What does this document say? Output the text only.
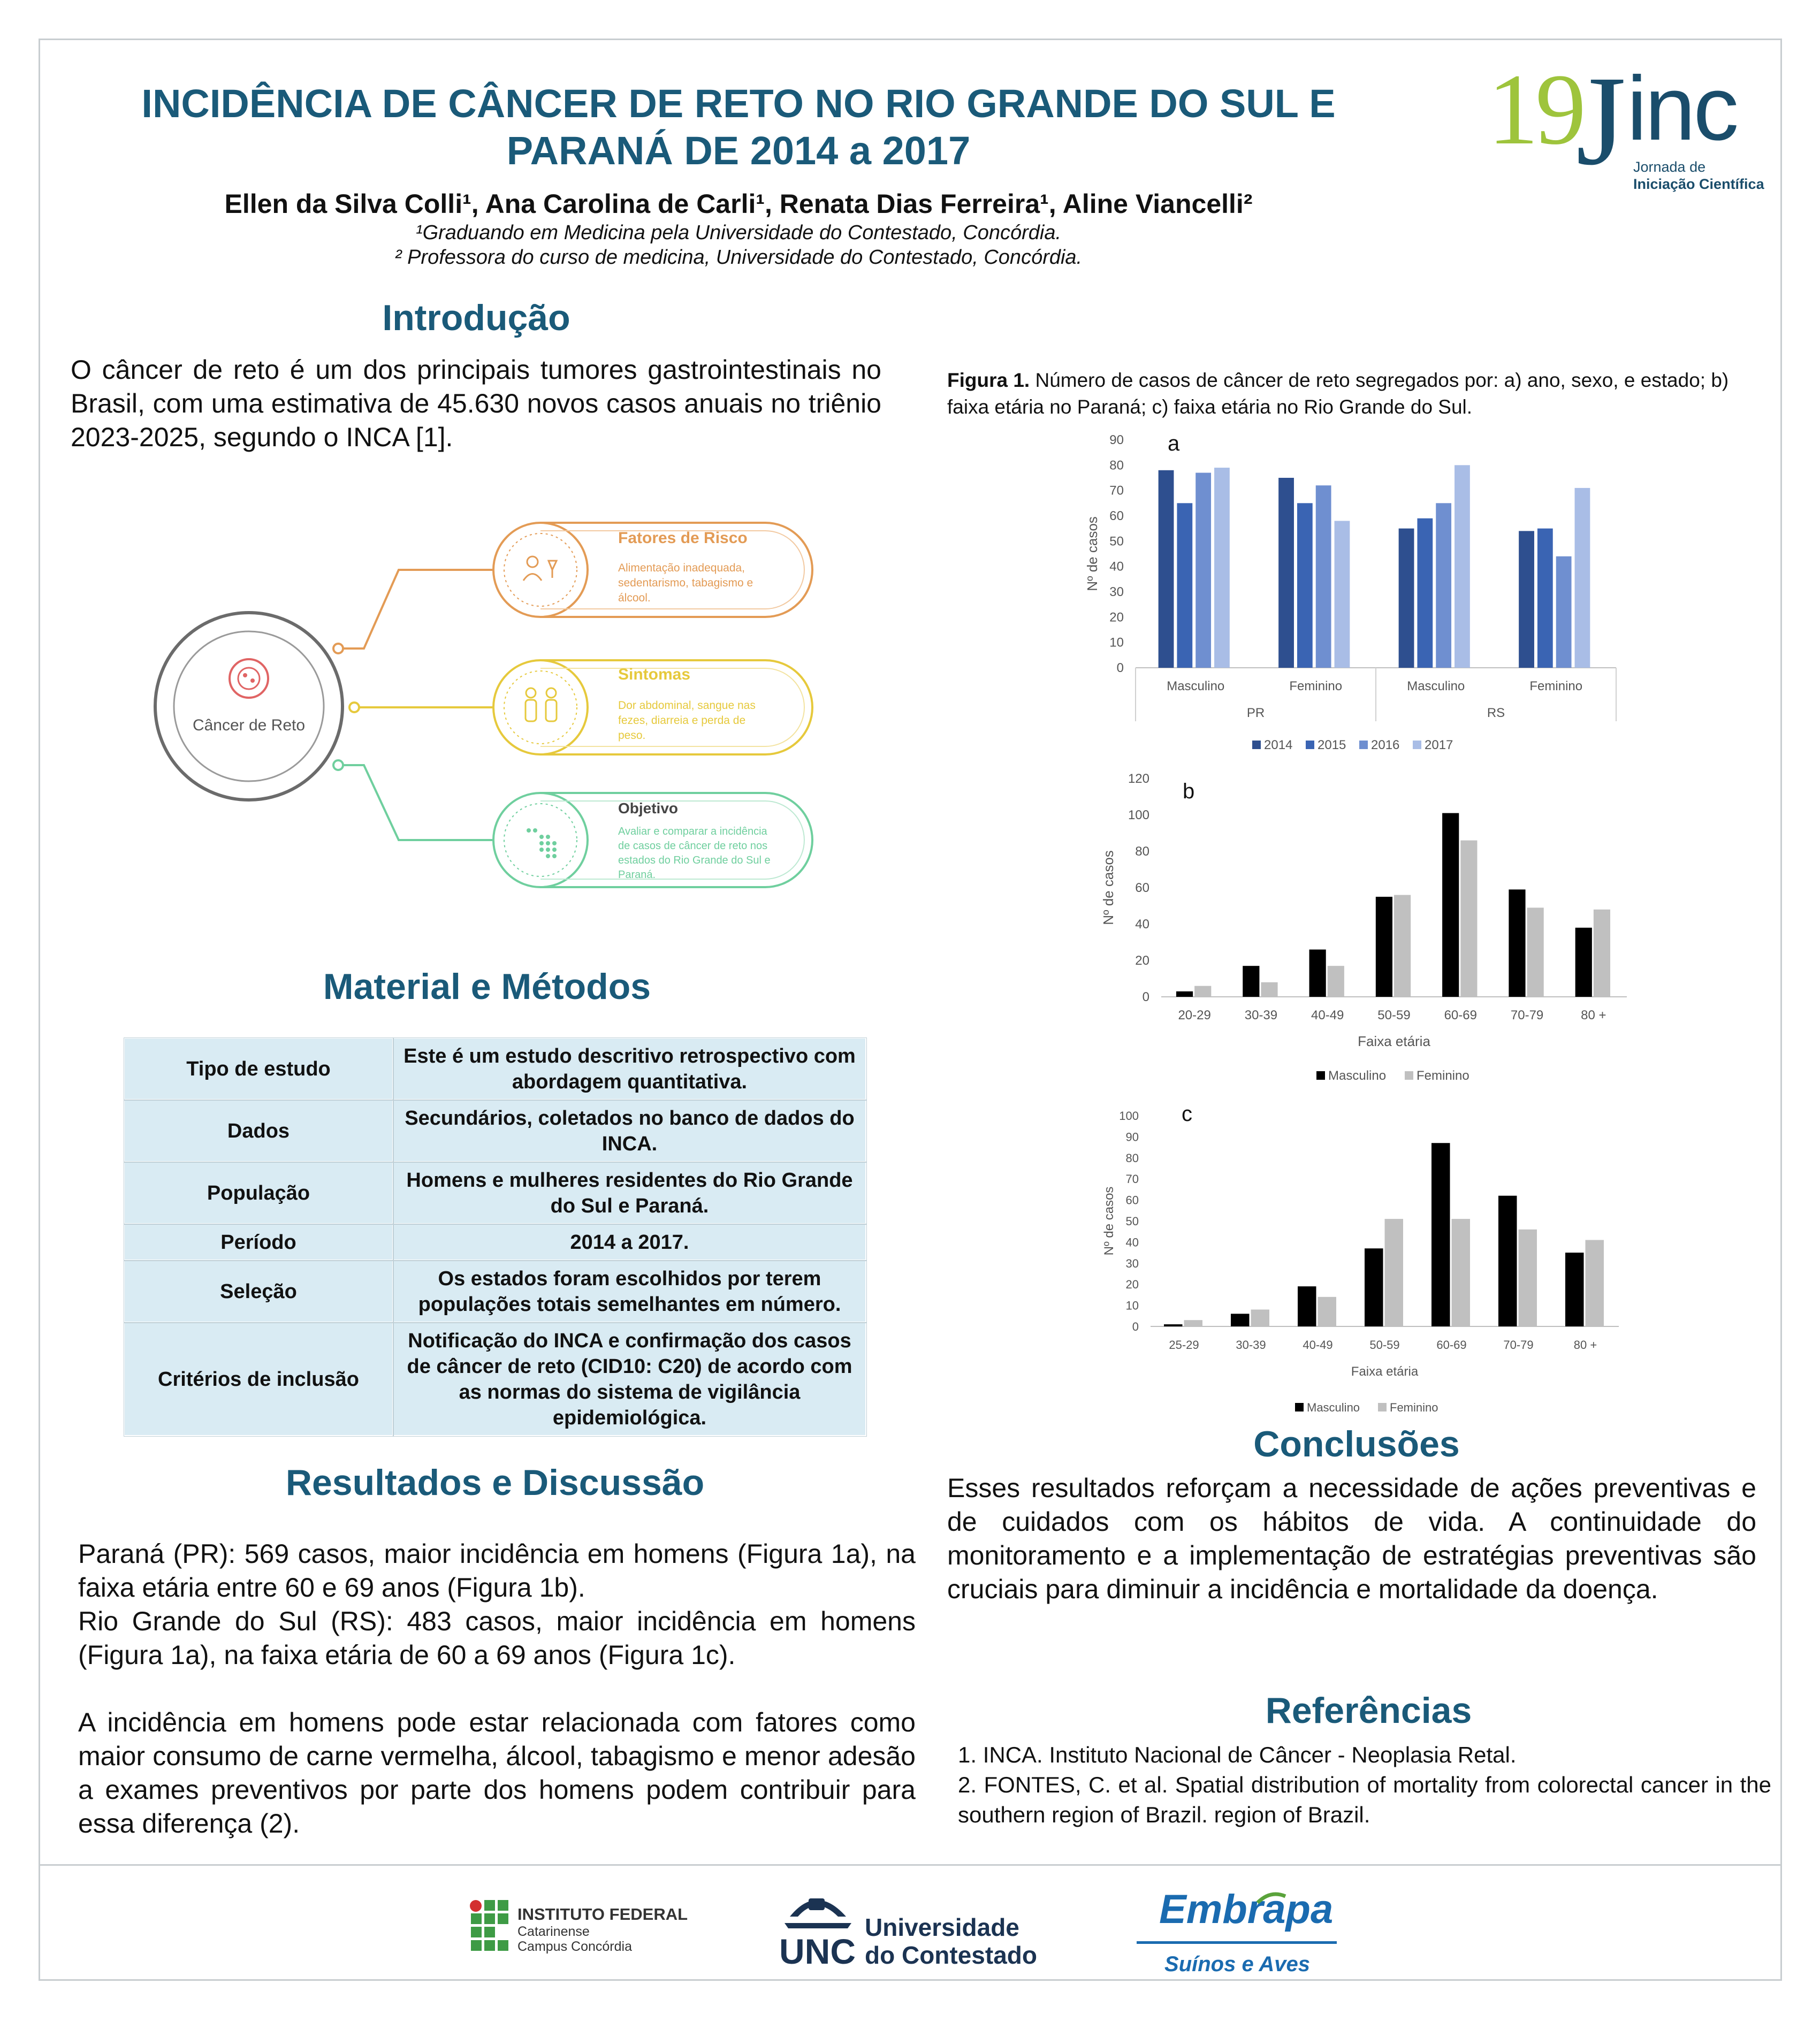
INCIDÊNCIA DE CÂNCER DE RETO NO RIO GRANDE DO SUL E
PARANÁ DE 2014 a 2017
Ellen da Silva Colli¹, Ana Carolina de Carli¹, Renata Dias Ferreira¹, Aline Viancelli²
¹Graduando em Medicina pela Universidade do Contestado, Concórdia.
² Professora do curso de medicina, Universidade do Contestado, Concórdia.
19
J inc
Jornada de
Iniciação Científica
Introdução

O câncer de reto é um dos principais tumores gastrointestinais no Brasil, com uma estimativa de 45.630 novos casos anuais no triênio 2023-2025, segundo o INCA [1].

Câncer de Reto
Fatores de Risco
Alimentação inadequada,
sedentarismo, tabagismo e
álcool.
Sintomas
Dor abdominal, sangue nas
fezes, diarreia e perda de
peso.
Objetivo
Avaliar e comparar a incidência
de casos de câncer de reto nos
estados do Rio Grande do Sul e
Paraná.
Material e Métodos
Tipo de estudo	Este é um estudo descritivo retrospectivo com abordagem quantitativa.
Dados	Secundários, coletados no banco de dados do INCA.
População	Homens e mulheres residentes do Rio Grande do Sul e Paraná.
Período	2014 a 2017.
Seleção	Os estados foram escolhidos por terem populações totais semelhantes em número.
Critérios de inclusão	Notificação do INCA e confirmação dos casos de câncer de reto (CID10: C20) de acordo com as normas do sistema de vigilância epidemiológica.
Resultados e Discussão

Paraná (PR): 569 casos, maior incidência em homens (Figura 1a), na faixa etária entre 60 e 69 anos (Figura 1b).

Rio Grande do Sul (RS): 483 casos, maior incidência em homens (Figura 1a), na faixa etária de 60 a 69 anos (Figura 1c).

A incidência em homens pode estar relacionada com fatores como maior consumo de carne vermelha, álcool, tabagismo e menor adesão a exames preventivos por parte dos homens podem contribuir para essa diferença (2).

Figura 1. Número de casos de câncer de reto segregados por: a) ano, sexo, e estado; b) faixa etária no Paraná; c) faixa etária no Rio Grande do Sul.
a
0
10
20
30
40
50
60
70
80
90
Nº de casos
Masculino	Feminino	Masculino	Feminino
PR	RS
2014 2015 2016 2017
b
0
20
40
60
80
100
120
Nº de casos
20-29	30-39	40-49	50-59	60-69	70-79	80 +
Faixa etária
Masculino Feminino
c
0
10
20
30
40
50
60
70
80
90
100
Nº de casos
25-29	30-39	40-49	50-59	60-69	70-79	80 +
Faixa etária
Masculino	Feminino
Conclusões

Esses resultados reforçam a necessidade de ações preventivas e de cuidados com os hábitos de vida. A continuidade do monitoramento e a implementação de estratégias preventivas são cruciais para diminuir a incidência e mortalidade da doença.

Referências
1. INCA. Instituto Nacional de Câncer - Neoplasia Retal.
2. FONTES, C. et al. Spatial distribution of mortality from colorectal cancer in the southern region of Brazil. region of Brazil.
INSTITUTO FEDERAL
Catarinense
Campus Concórdia	UNC
Universidade
do Contestado
Embrapa
Suínos e Aves
